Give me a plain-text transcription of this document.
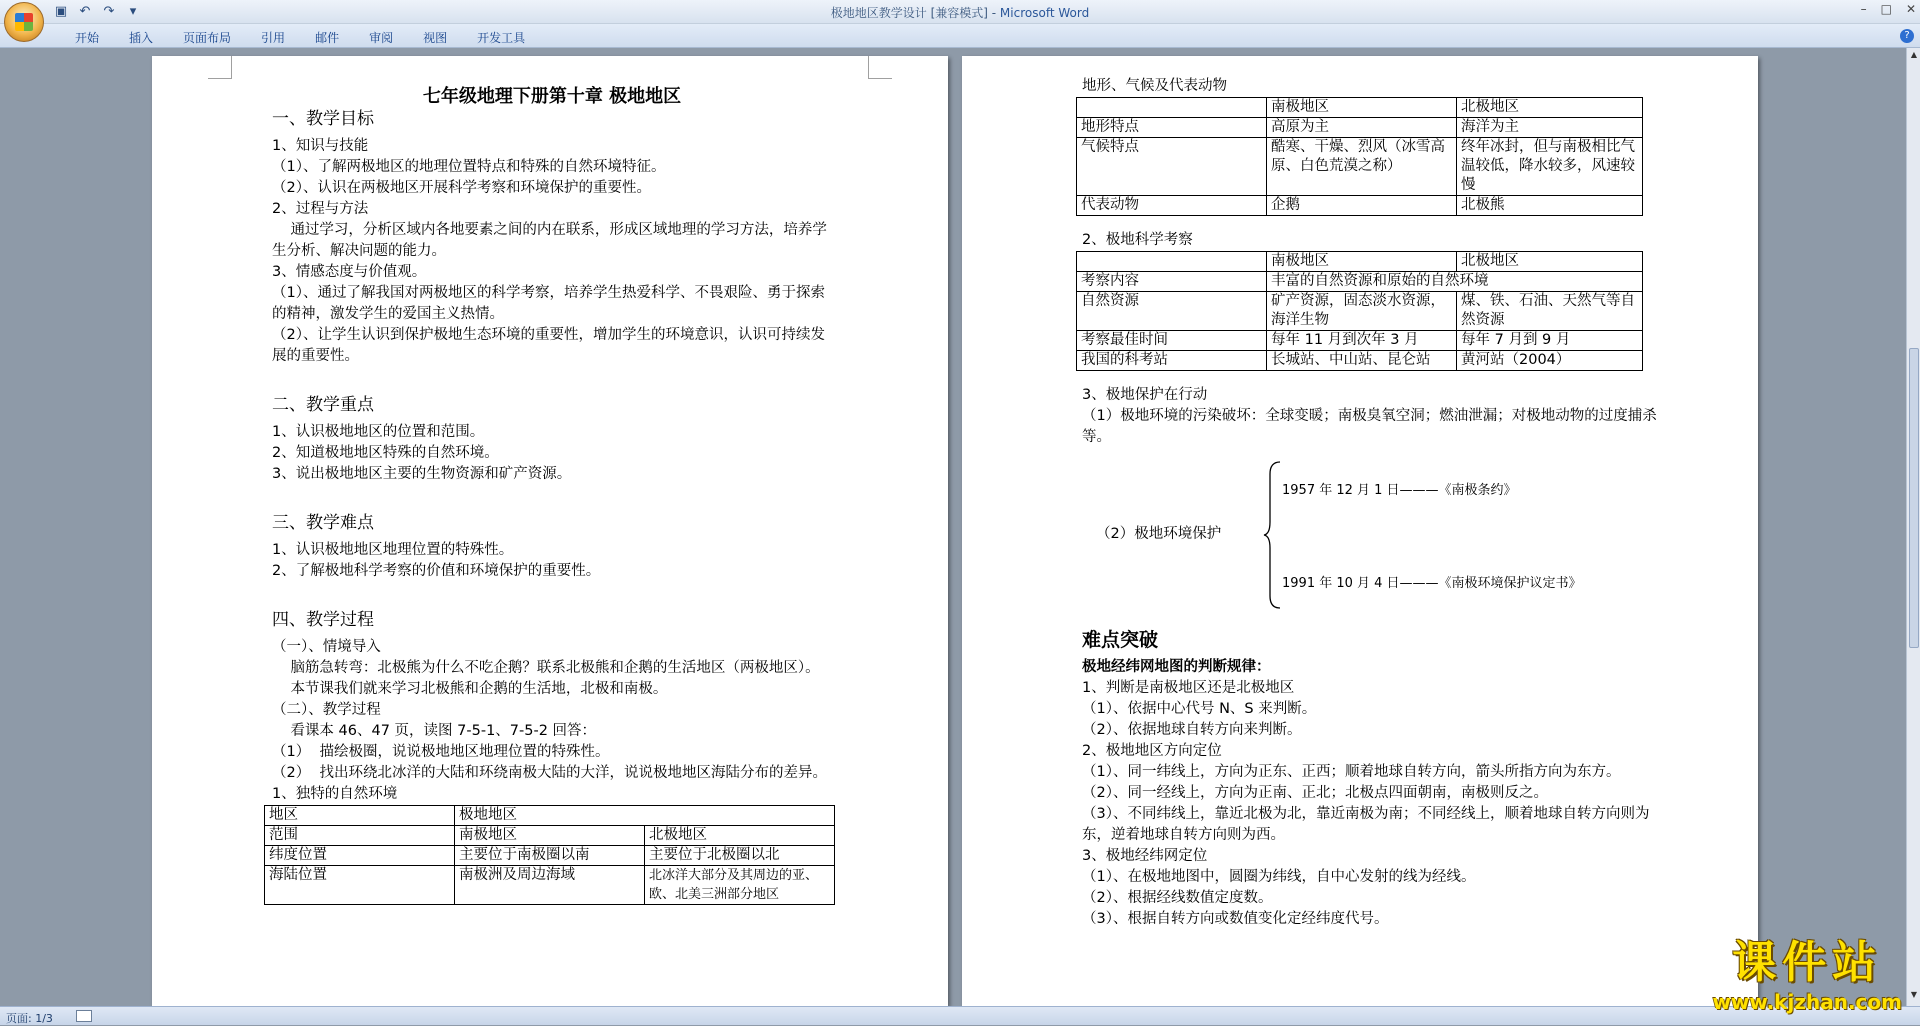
▣ ↶ ↷	▾	极地地区教学设计 [兼容模式] - Microsoft Word	– □ ✕
开始	插入	页面布局	引用	邮件	审阅	视图	开发工具	?
七年级地理下册第十章 极地地区
一、教学目标
1、知识与技能
（1）、了解两极地区的地理位置特点和特殊的自然环境特征。
（2）、认识在两极地区开展科学考察和环境保护的重要性。
2、过程与方法
通过学习，分析区域内各地要素之间的内在联系，形成区域地理的学习方法，培养学生分析、解决问题的能力。
3、情感态度与价值观。
（1）、通过了解我国对两极地区的科学考察，培养学生热爱科学、不畏艰险、勇于探索的精神，激发学生的爱国主义热情。
（2）、让学生认识到保护极地生态环境的重要性，增加学生的环境意识，认识可持续发展的重要性。
二、教学重点
1、认识极地地区的位置和范围。
2、知道极地地区特殊的自然环境。
3、说出极地地区主要的生物资源和矿产资源。
三、教学难点
1、认识极地地区地理位置的特殊性。
2、了解极地科学考察的价值和环境保护的重要性。
四、教学过程
（一）、情境导入
脑筋急转弯：北极熊为什么不吃企鹅？联系北极熊和企鹅的生活地区（两极地区）。
本节课我们就来学习北极熊和企鹅的生活地，北极和南极。
（二）、教学过程
看课本 46、47 页，读图 7-5-1、7-5-2 回答：
（1）  描绘极圈，说说极地地区地理位置的特殊性。
（2）  找出环绕北冰洋的大陆和环绕南极大陆的大洋，说说极地地区海陆分布的差异。
1、独特的自然环境
地区	极地地区	
范围	南极地区	北极地区
纬度位置	主要位于南极圈以南	主要位于北极圈以北
海陆位置	南极洲及周边海域	北冰洋大部分及其周边的亚、欧、北美三洲部分地区
地形、气候及代表动物
	南极地区	北极地区
地形特点	高原为主	海洋为主
气候特点	酷寒、干燥、烈风（冰雪高原、白色荒漠之称）	终年冰封，但与南极相比气温较低，降水较多，风速较慢
代表动物	企鹅	北极熊
2、极地科学考察
	南极地区	北极地区
考察内容	丰富的自然资源和原始的自然环境	
自然资源	矿产资源，固态淡水资源，海洋生物	煤、铁、石油、天然气等自然资源
考察最佳时间	每年 11 月到次年 3 月	每年 7 月到 9 月
我国的科考站	长城站、中山站、昆仑站	黄河站（2004）
3、极地保护在行动
（1）极地环境的污染破坏：全球变暖；南极臭氧空洞；燃油泄漏；对极地动物的过度捕杀等。
（2）极地环境保护
1957 年 12 月 1 日———《南极条约》
1991 年 10 月 4 日———《南极环境保护议定书》
难点突破
极地经纬网地图的判断规律：
1、判断是南极地区还是北极地区
（1）、依据中心代号 N、S 来判断。
（2）、依据地球自转方向来判断。
2、极地地区方向定位
（1）、同一纬线上，方向为正东、正西；顺着地球自转方向，箭头所指方向为东方。
（2）、同一经线上，方向为正南、正北；北极点四面朝南，南极则反之。
（3）、不同纬线上，靠近北极为北，靠近南极为南；不同经线上，顺着地球自转方向则为东，逆着地球自转方向则为西。
3、极地经纬网定位
（1）、在极地地图中，圆圈为纬线，自中心发射的线为经线。
（2）、根据经线数值定度数。
（3）、根据自转方向或数值变化定经纬度代号。
▲
▼
课件站
www.kjzhan.com
页面: 1/3
